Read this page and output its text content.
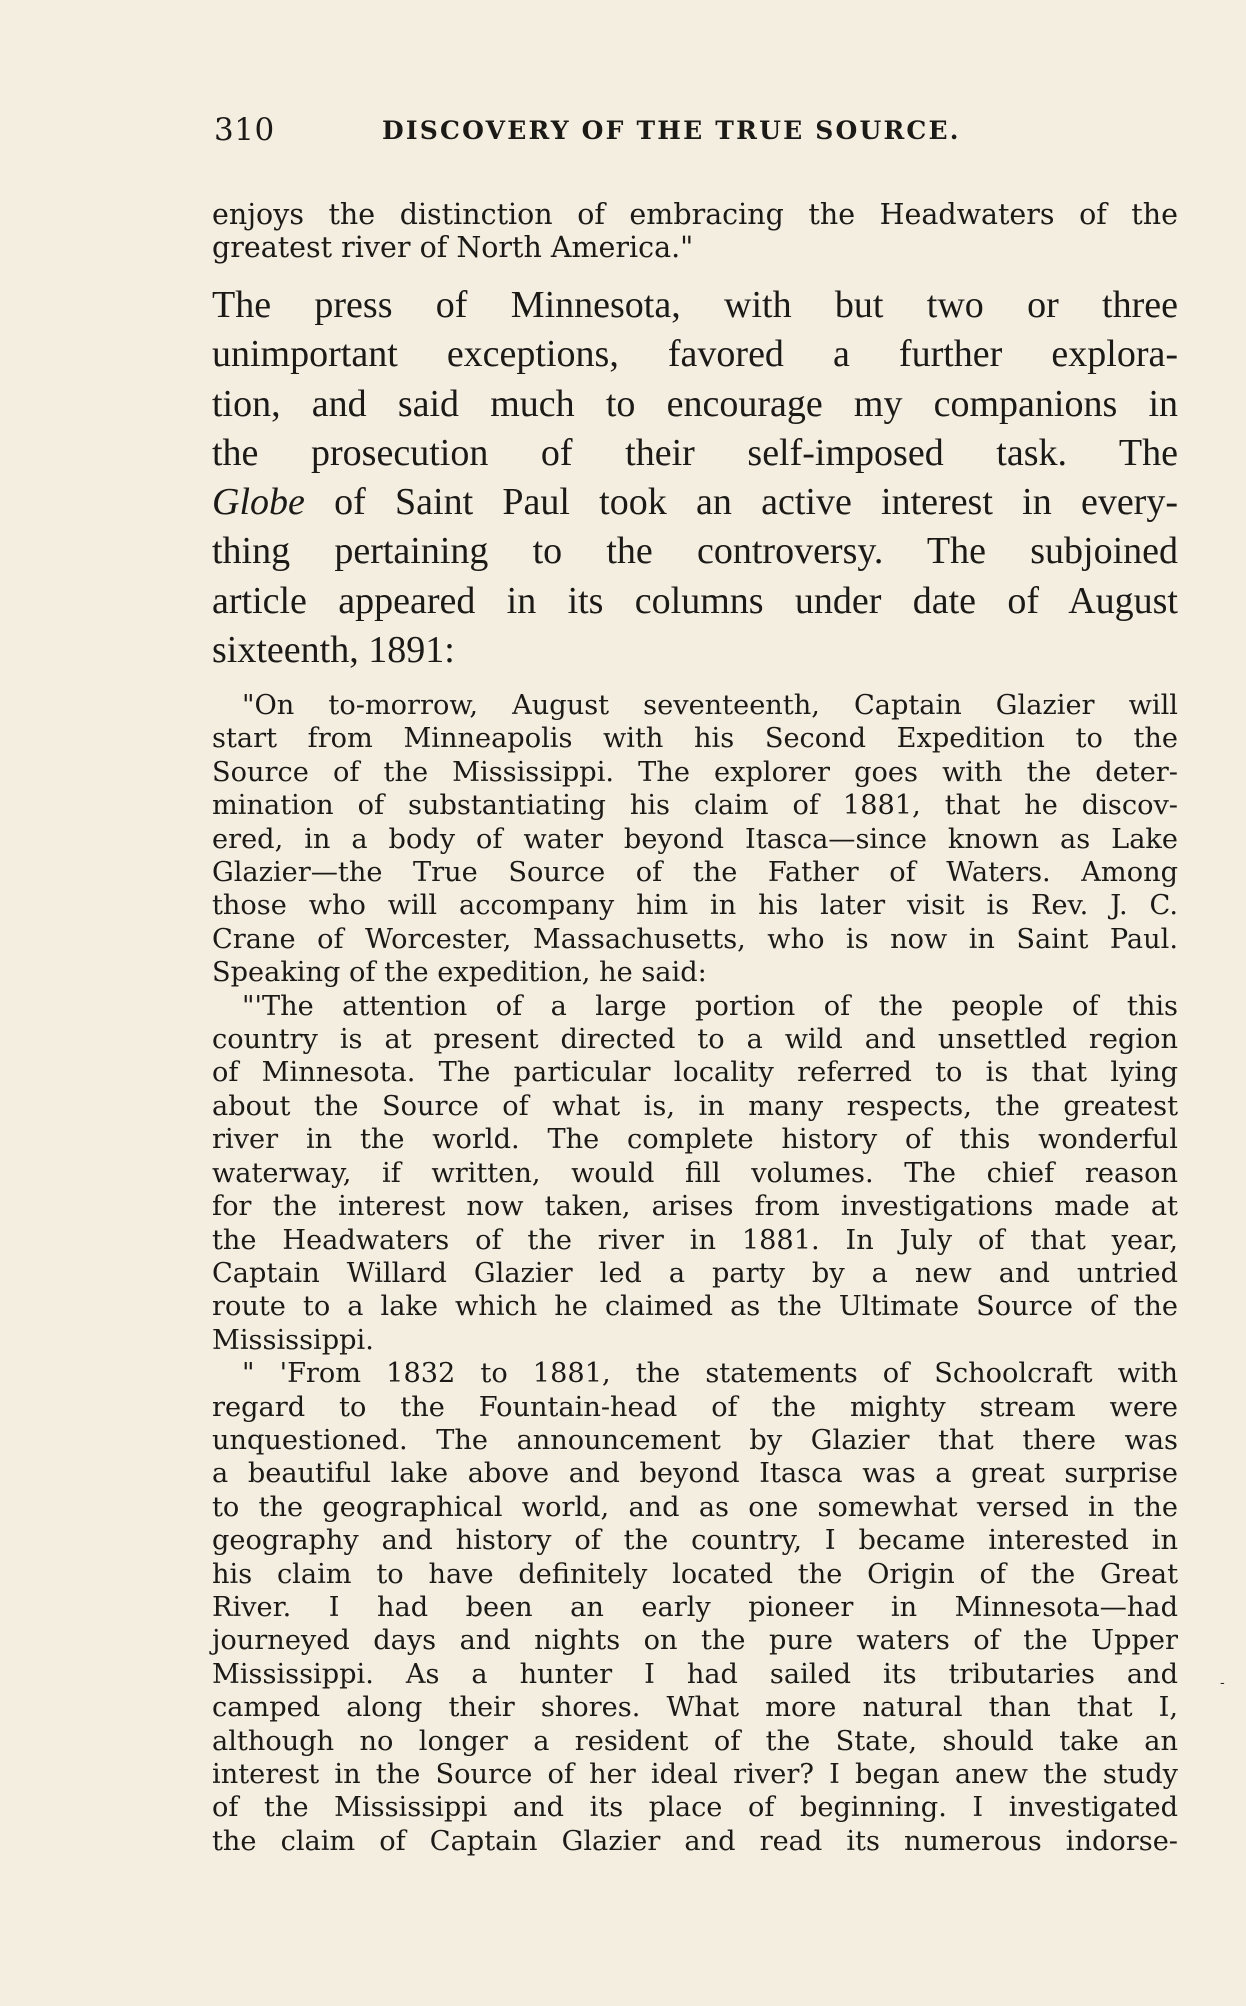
310	DISCOVERY OF THE TRUE SOURCE.
enjoys the distinction of embracing the Headwaters of the
greatest river of North America."
The press of Minnesota, with but two or three
unimportant exceptions, favored a further explora-
tion, and said much to encourage my companions in
the prosecution of their self-imposed task. The
Globe of Saint Paul took an active interest in every-
thing pertaining to the controversy. The subjoined
article appeared in its columns under date of August
sixteenth, 1891:
"On to-morrow, August seventeenth, Captain Glazier will
start from Minneapolis with his Second Expedition to the
Source of the Mississippi. The explorer goes with the deter-
mination of substantiating his claim of 1881, that he discov-
ered, in a body of water beyond Itasca—since known as Lake
Glazier—the True Source of the Father of Waters. Among
those who will accompany him in his later visit is Rev. J. C.
Crane of Worcester, Massachusetts, who is now in Saint Paul.
Speaking of the expedition, he said:
"'The attention of a large portion of the people of this
country is at present directed to a wild and unsettled region
of Minnesota. The particular locality referred to is that lying
about the Source of what is, in many respects, the greatest
river in the world. The complete history of this wonderful
waterway, if written, would fill volumes. The chief reason
for the interest now taken, arises from investigations made at
the Headwaters of the river in 1881. In July of that year,
Captain Willard Glazier led a party by a new and untried
route to a lake which he claimed as the Ultimate Source of the
Mississippi.
" 'From 1832 to 1881, the statements of Schoolcraft with
regard to the Fountain-head of the mighty stream were
unquestioned. The announcement by Glazier that there was
a beautiful lake above and beyond Itasca was a great surprise
to the geographical world, and as one somewhat versed in the
geography and history of the country, I became interested in
his claim to have definitely located the Origin of the Great
River. I had been an early pioneer in Minnesota—had
journeyed days and nights on the pure waters of the Upper
Mississippi. As a hunter I had sailed its tributaries and
camped along their shores. What more natural than that I,
although no longer a resident of the State, should take an
interest in the Source of her ideal river? I began anew the study
of the Mississippi and its place of beginning. I investigated
the claim of Captain Glazier and read its numerous indorse-
-
